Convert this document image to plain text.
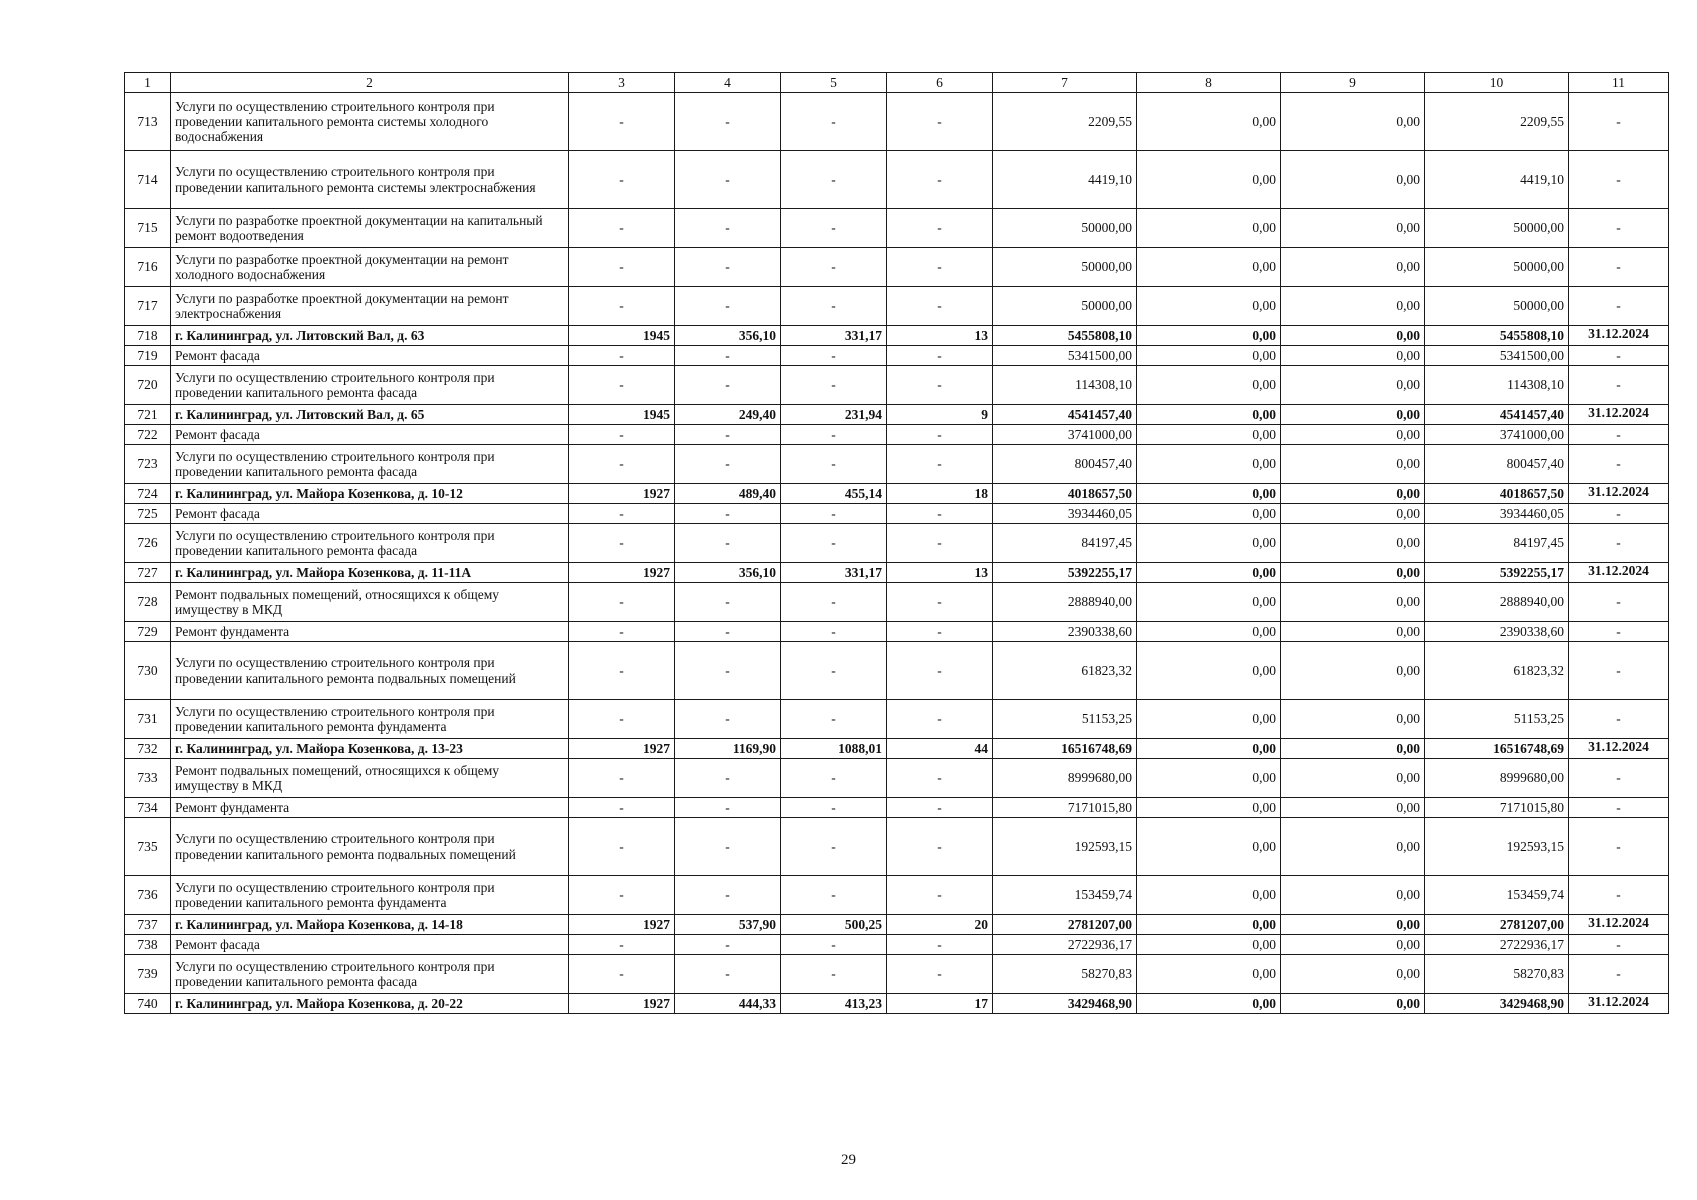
1	2	3	4	5	6	7	8	9	10	11
713	Услуги по осуществлению строительного контроля при проведении капитального ремонта системы холодного водоснабжения	-	-	-	-	2209,55	0,00	0,00	2209,55	-
714	Услуги по осуществлению строительного контроля при проведении капитального ремонта системы электроснабжения	-	-	-	-	4419,10	0,00	0,00	4419,10	-
715	Услуги по разработке проектной документации на капитальный ремонт водоотведения	-	-	-	-	50000,00	0,00	0,00	50000,00	-
716	Услуги по разработке проектной документации на ремонт холодного водоснабжения	-	-	-	-	50000,00	0,00	0,00	50000,00	-
717	Услуги по разработке проектной документации на ремонт электроснабжения	-	-	-	-	50000,00	0,00	0,00	50000,00	-
718	г. Калининград, ул. Литовский Вал, д. 63	1945	356,10	331,17	13	5455808,10	0,00	0,00	5455808,10	31.12.2024
719	Ремонт фасада	-	-	-	-	5341500,00	0,00	0,00	5341500,00	-
720	Услуги по осуществлению строительного контроля при проведении капитального ремонта фасада	-	-	-	-	114308,10	0,00	0,00	114308,10	-
721	г. Калининград, ул. Литовский Вал, д. 65	1945	249,40	231,94	9	4541457,40	0,00	0,00	4541457,40	31.12.2024
722	Ремонт фасада	-	-	-	-	3741000,00	0,00	0,00	3741000,00	-
723	Услуги по осуществлению строительного контроля при проведении капитального ремонта фасада	-	-	-	-	800457,40	0,00	0,00	800457,40	-
724	г. Калининград, ул. Майора Козенкова, д. 10-12	1927	489,40	455,14	18	4018657,50	0,00	0,00	4018657,50	31.12.2024
725	Ремонт фасада	-	-	-	-	3934460,05	0,00	0,00	3934460,05	-
726	Услуги по осуществлению строительного контроля при проведении капитального ремонта фасада	-	-	-	-	84197,45	0,00	0,00	84197,45	-
727	г. Калининград, ул. Майора Козенкова, д. 11-11А	1927	356,10	331,17	13	5392255,17	0,00	0,00	5392255,17	31.12.2024
728	Ремонт подвальных помещений, относящихся к общему имуществу в МКД	-	-	-	-	2888940,00	0,00	0,00	2888940,00	-
729	Ремонт фундамента	-	-	-	-	2390338,60	0,00	0,00	2390338,60	-
730	Услуги по осуществлению строительного контроля при проведении капитального ремонта подвальных помещений	-	-	-	-	61823,32	0,00	0,00	61823,32	-
731	Услуги по осуществлению строительного контроля при проведении капитального ремонта фундамента	-	-	-	-	51153,25	0,00	0,00	51153,25	-
732	г. Калининград, ул. Майора Козенкова, д. 13-23	1927	1169,90	1088,01	44	16516748,69	0,00	0,00	16516748,69	31.12.2024
733	Ремонт подвальных помещений, относящихся к общему имуществу в МКД	-	-	-	-	8999680,00	0,00	0,00	8999680,00	-
734	Ремонт фундамента	-	-	-	-	7171015,80	0,00	0,00	7171015,80	-
735	Услуги по осуществлению строительного контроля при проведении капитального ремонта подвальных помещений	-	-	-	-	192593,15	0,00	0,00	192593,15	-
736	Услуги по осуществлению строительного контроля при проведении капитального ремонта фундамента	-	-	-	-	153459,74	0,00	0,00	153459,74	-
737	г. Калининград, ул. Майора Козенкова, д. 14-18	1927	537,90	500,25	20	2781207,00	0,00	0,00	2781207,00	31.12.2024
738	Ремонт фасада	-	-	-	-	2722936,17	0,00	0,00	2722936,17	-
739	Услуги по осуществлению строительного контроля при проведении капитального ремонта фасада	-	-	-	-	58270,83	0,00	0,00	58270,83	-
740	г. Калининград, ул. Майора Козенкова, д. 20-22	1927	444,33	413,23	17	3429468,90	0,00	0,00	3429468,90	31.12.2024
29
